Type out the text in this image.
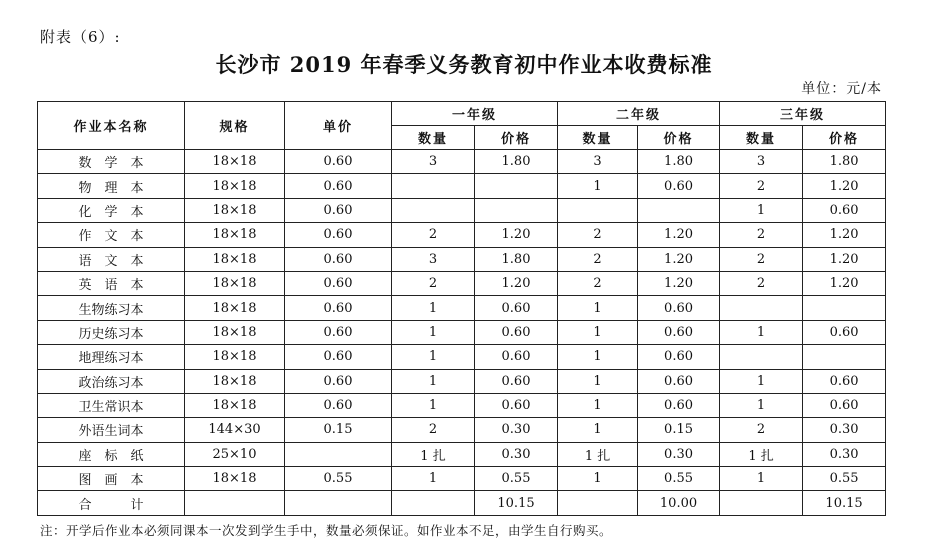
附表（6）:
长沙市 2019 年春季义务教育初中作业本收费标准
单位：元/本
作业本名称	规格	单价	一年级		二年级		三年级	
			数量	价格	数量	价格	数量	价格
数　学　本	18×18	0.60	3	1.80	3	1.80	3	1.80
物　理　本	18×18	0.60			1	0.60	2	1.20
化　学　本	18×18	0.60					1	0.60
作　文　本	18×18	0.60	2	1.20	2	1.20	2	1.20
语　文　本	18×18	0.60	3	1.80	2	1.20	2	1.20
英　语　本	18×18	0.60	2	1.20	2	1.20	2	1.20
生物练习本	18×18	0.60	1	0.60	1	0.60		
历史练习本	18×18	0.60	1	0.60	1	0.60	1	0.60
地理练习本	18×18	0.60	1	0.60	1	0.60		
政治练习本	18×18	0.60	1	0.60	1	0.60	1	0.60
卫生常识本	18×18	0.60	1	0.60	1	0.60	1	0.60
外语生词本	144×30	0.15	2	0.30	1	0.15	2	0.30
座　标　纸	25×10		1 扎	0.30	1 扎	0.30	1 扎	0.30
图　画　本	18×18	0.55	1	0.55	1	0.55	1	0.55
合　　　计				10.15		10.00		10.15
注：开学后作业本必须同课本一次发到学生手中，数量必须保证。如作业本不足，由学生自行购买。
